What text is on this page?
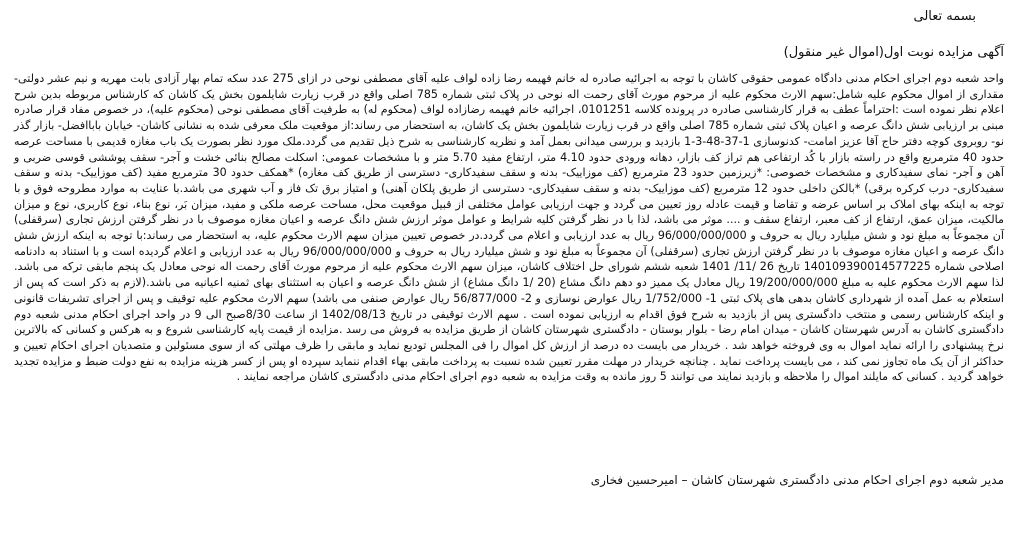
بسمه تعالی
آگهی مزایده نوبت اول(اموال غیر منقول)
واحد شعبه دوم اجرای احکام مدنی دادگاه عمومی حقوقی کاشان با توجه به اجرائیه صادره له خانم فهیمه رضا زاده لواف علیه آقای مصطفی نوحی در ازای 275 عدد سکه تمام بهار آزادی بابت مهریه و نیم عشر دولتی- مقداری از اموال محکوم علیه شامل:سهم الارث محکوم علیه از مرحوم مورث آقای رحمت اله نوحی در پلاک ثبتی شماره 785 اصلی واقع در قرب زیارت شایلمون بخش یک کاشان که کارشناس مربوطه بدین شرح اعلام نظر نموده است :احتراماً عطف به قرار کارشناسی صادره در پرونده کلاسه 0101251، اجرائیه خانم فهیمه رضازاده لواف (محکوم له) به طرفیت آقای مصطفی نوحی (محکوم علیه)، در خصوص مفاد قرار صادره مبنی بر ارزیابی شش دانگ عرصه و اعیان پلاک ثبتی شماره 785 اصلی واقع در قرب زیارت شایلمون بخش یک کاشان، به استحضار می رساند:از موقعیت ملک معرفی شده به نشانی کاشان- خیابان باباافضل- بازار گذر نو- روبروی کوچه دفتر حاج آقا عزیز امامت- کدنوسازی 1-37-48-3-1 بازدید و بررسی میدانی بعمل آمد و نظریه کارشناسی به شرح ذیل تقدیم می گردد.ملک مورد نظر بصورت یک باب مغازه قدیمی با مساحت عرصه حدود 40 مترمربع واقع در راسته بازار با کُد ارتفاعی هم تراز کف بازار، دهانه ورودی حدود 4.10 متر، ارتفاع مفید 5.70 متر و با مشخصات عمومی: اسکلت مصالح بنائی خشت و آجر- سقف پوششی قوسی ضربی و آهن و آجر- نمای سفیدکاری و مشخصات خصوصی: *زیرزمین حدود 23 مترمربع (کف موزاییک- بدنه و سقف سفیدکاری- دسترسی از طریق کف مغازه) *همکف حدود 30 مترمربع مفید (کف موزاییک- بدنه و سقف سفیدکاری- درب کرکره برقی) *بالکن داخلی حدود 12 مترمربع (کف موزاییک- بدنه و سقف سفیدکاری- دسترسی از طریق پلکان آهنی) و امتیاز برق تک فاز و آب شهری می باشد.با عنایت به موارد مطروحه فوق و با توجه به اینکه بهای املاک بر اساس عرضه و تقاضا و قیمت عادله روز تعیین می گردد و جهت ارزیابی عوامل مختلفی از قبیل موقعیت محل، مساحت عرصه ملکی و مفید، میزان بَر، نوع بناء، نوع کاربری، نوع و میزان مالکیت، میزان عمق، ارتفاع از کف معبر، ارتفاع سقف و .... موثر می باشد، لذا با در نظر گرفتن کلیه شرایط و عوامل موثر ارزش شش دانگ عرصه و اعیان مغازه موصوف با در نظر گرفتن ارزش تجاری (سرقفلی) آن مجموعاً به مبلغ نود و شش میلیارد ریال به حروف و 96/000/000/000 ریال به عدد ارزیابی و اعلام می گردد.در خصوص تعیین میزان سهم الارث محکوم علیه، به استحضار می رساند:با توجه به اینکه ارزش شش دانگ عرصه و اعیان مغازه موصوف با در نظر گرفتن ارزش تجاری (سرقفلی) آن مجموعاً به مبلغ نود و شش میلیارد ریال به حروف و 96/000/000/000 ریال به عدد ارزیابی و اعلام گردیده است و با استناد به دادنامه اصلاحی شماره 140109390014577225 تاریخ 26 /11/ 1401 شعبه ششم شورای حل اختلاف کاشان، میزان سهم الارث محکوم علیه از مرحوم مورث آقای رحمت اله نوحی معادل یک پنجم مابقی ترکه می باشد. لذا سهم الارث محکوم علیه به مبلغ 19/200/000/000 ریال معادل یک ممیز دو دهم دانگ مشاع (20 /1 دانگ مشاع) از شش دانگ عرصه و اعیان به استثنای بهای ثمنیه اعیانیه می باشد.(لازم به ذکر است که پس از استعلام به عمل آمده از شهرداری کاشان بدهی های پلاک ثبتی 1- 1/752/000 ریال عوارض نوسازی و 2- 56/877/000 ریال عوارض صنفی می باشد) سهم الارث محکوم علیه توقیف و پس از اجرای تشریفات قانونی و اینکه کارشناس رسمی و منتخب دادگستری پس از بازدید به شرح فوق اقدام به ارزیابی نموده است . سهم الارث توقیفی در تاریخ 1402/08/13 از ساعت 8/30صبح الی 9 در واحد اجرای احکام مدنی شعبه دوم دادگستری کاشان به آدرس شهرستان کاشان - میدان امام رضا - بلوار بوستان - دادگستری شهرستان کاشان از طریق مزایده به فروش می رسد .مزایده از قیمت پایه کارشناسی شروع و به هرکس و کسانی که بالاترین نرخ پیشنهادی را ارائه نماید اموال به وی فروخته خواهد شد . خریدار می بایست ده درصد از ارزش کل اموال را فی المجلس تودیع نماید و مابقی را ظرف مهلتی که از سوی مسئولین و متصدیان اجرای احکام تعیین و حداکثر از آن یک ماه تجاوز نمی کند ، می بایست پرداخت نماید . چنانچه خریدار در مهلت مقرر تعیین شده نسبت به پرداخت مابقی بهاء اقدام ننماید سپرده او پس از کسر هزینه مزایده به نفع دولت ضبط و مزایده تجدید خواهد گردید . کسانی که مایلند اموال را ملاحظه و بازدید نمایند می توانند 5 روز مانده به وقت مزایده به شعبه دوم اجرای احکام مدنی دادگستری کاشان مراجعه نمایند .
مدیر شعبه دوم اجرای احکام مدنی دادگستری شهرستان کاشان – امیرحسین فخاری
